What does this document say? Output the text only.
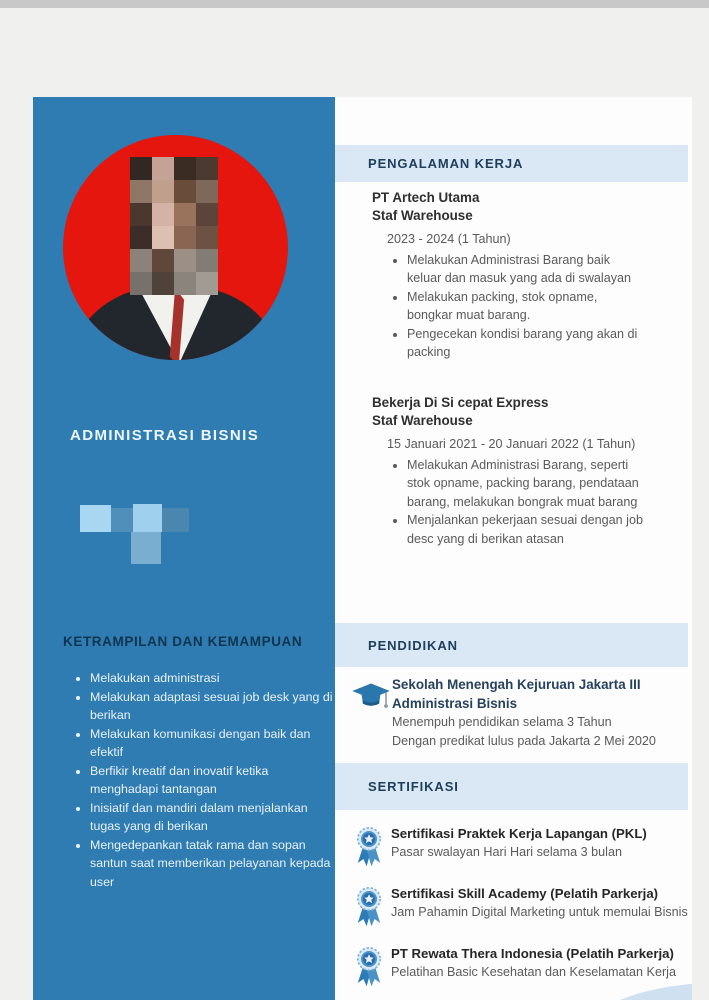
ADMINISTRASI BISNIS
KETRAMPILAN DAN KEMAMPUAN
• Melakukan administrasi
• Melakukan adaptasi sesuai job desk yang di berikan
• Melakukan komunikasi dengan baik dan efektif
• Berfikir kreatif dan inovatif ketika menghadapi tantangan
• Inisiatif dan mandiri dalam menjalankan tugas yang di berikan
• Mengedepankan tatak rama dan sopan santun saat memberikan pelayanan kepada user
PENGALAMAN KERJA
PT Artech Utama
Staf Warehouse
2023 - 2024 (1 Tahun)
• Melakukan Administrasi Barang baik keluar dan masuk yang ada di swalayan
• Melakukan packing, stok opname, bongkar muat barang.
• Pengecekan kondisi barang yang akan di packing
Bekerja Di Si cepat Express
Staf Warehouse
15 Januari 2021 - 20 Januari 2022 (1 Tahun)
• Melakukan Administrasi Barang, seperti stok opname, packing barang, pendataan barang, melakukan bongrak muat barang
• Menjalankan pekerjaan sesuai dengan job desc yang di berikan atasan
PENDIDIKAN
Sekolah Menengah Kejuruan Jakarta III
Administrasi Bisnis
Menempuh pendidikan selama 3 Tahun
Dengan predikat lulus pada Jakarta 2 Mei 2020
SERTIFIKASI
Sertifikasi Praktek Kerja Lapangan (PKL)
Pasar swalayan Hari Hari selama 3 bulan
Sertifikasi Skill Academy (Pelatih Parkerja)
Jam Pahamin Digital Marketing untuk memulai Bisnis
PT Rewata Thera Indonesia (Pelatih Parkerja)
Pelatihan Basic Kesehatan dan Keselamatan Kerja
